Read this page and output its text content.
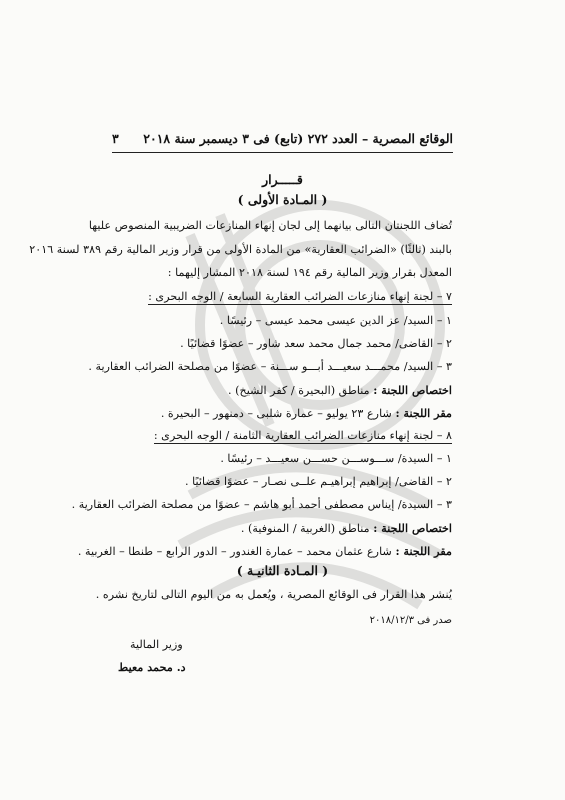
الوقائع المصرية – العدد ٢٧٢ (تابع) فى ٣ ديسمبر سنة ٢٠١٨
٣
قـــــرار
( المـادة الأولى )
تُضاف اللجنتان التالى بيانهما إلى لجان إنهاء المنازعات الضريبية المنصوص عليها
بالبند (ثالثًا) «الضرائب العقارية» من المادة الأولى من قرار وزير المالية رقم ٣٨٩ لسنة ٢٠١٦
المعدل بقرار وزير المالية رقم ١٩٤ لسنة ٢٠١٨ المشار إليهما :
٧ – لجنة إنهاء منازعات الضرائب العقارية السابعة / الوجه البحرى :
١ – السيد/ عز الدين عيسى محمد عيسى – رئيسًا .
٢ – القاضى/ محمد جمال محمد سعد شاور – عضوًا قضائيًا .
٣ – السيد/ محمـــد سعيـــد أبـــو ســـنة – عضوًا من مصلحة الضرائب العقارية .
اختصاص اللجنة : مناطق (البحيرة / كفر الشيخ) .
مقر اللجنة : شارع ٢٣ يوليو – عمارة شلبى – دمنهور – البحيرة .
٨ – لجنة إنهاء منازعات الضرائب العقارية الثامنة / الوجه البحرى :
١ – السيدة/ ســـوســـن حســـن سعيـــد – رئيسًا .
٢ – القاضى/ إبراهيم إبراهيـم علــى نصـار – عضوًا قضائيًا .
٣ – السيدة/ إيناس مصطفى أحمد أبو هاشم – عضوًا من مصلحة الضرائب العقارية .
اختصاص اللجنة : مناطق (الغربية / المنوفية) .
مقر اللجنة : شارع عثمان محمد – عمارة الغندور – الدور الرابع – طنطا – الغربية .
( المـادة الثانيـة )
يُنشر هذا القرار فى الوقائع المصرية ، ويُعمل به من اليوم التالى لتاريخ نشره .
صدر فى ٢٠١٨/١٢/٣
وزير المالية
د. محمد معيط
